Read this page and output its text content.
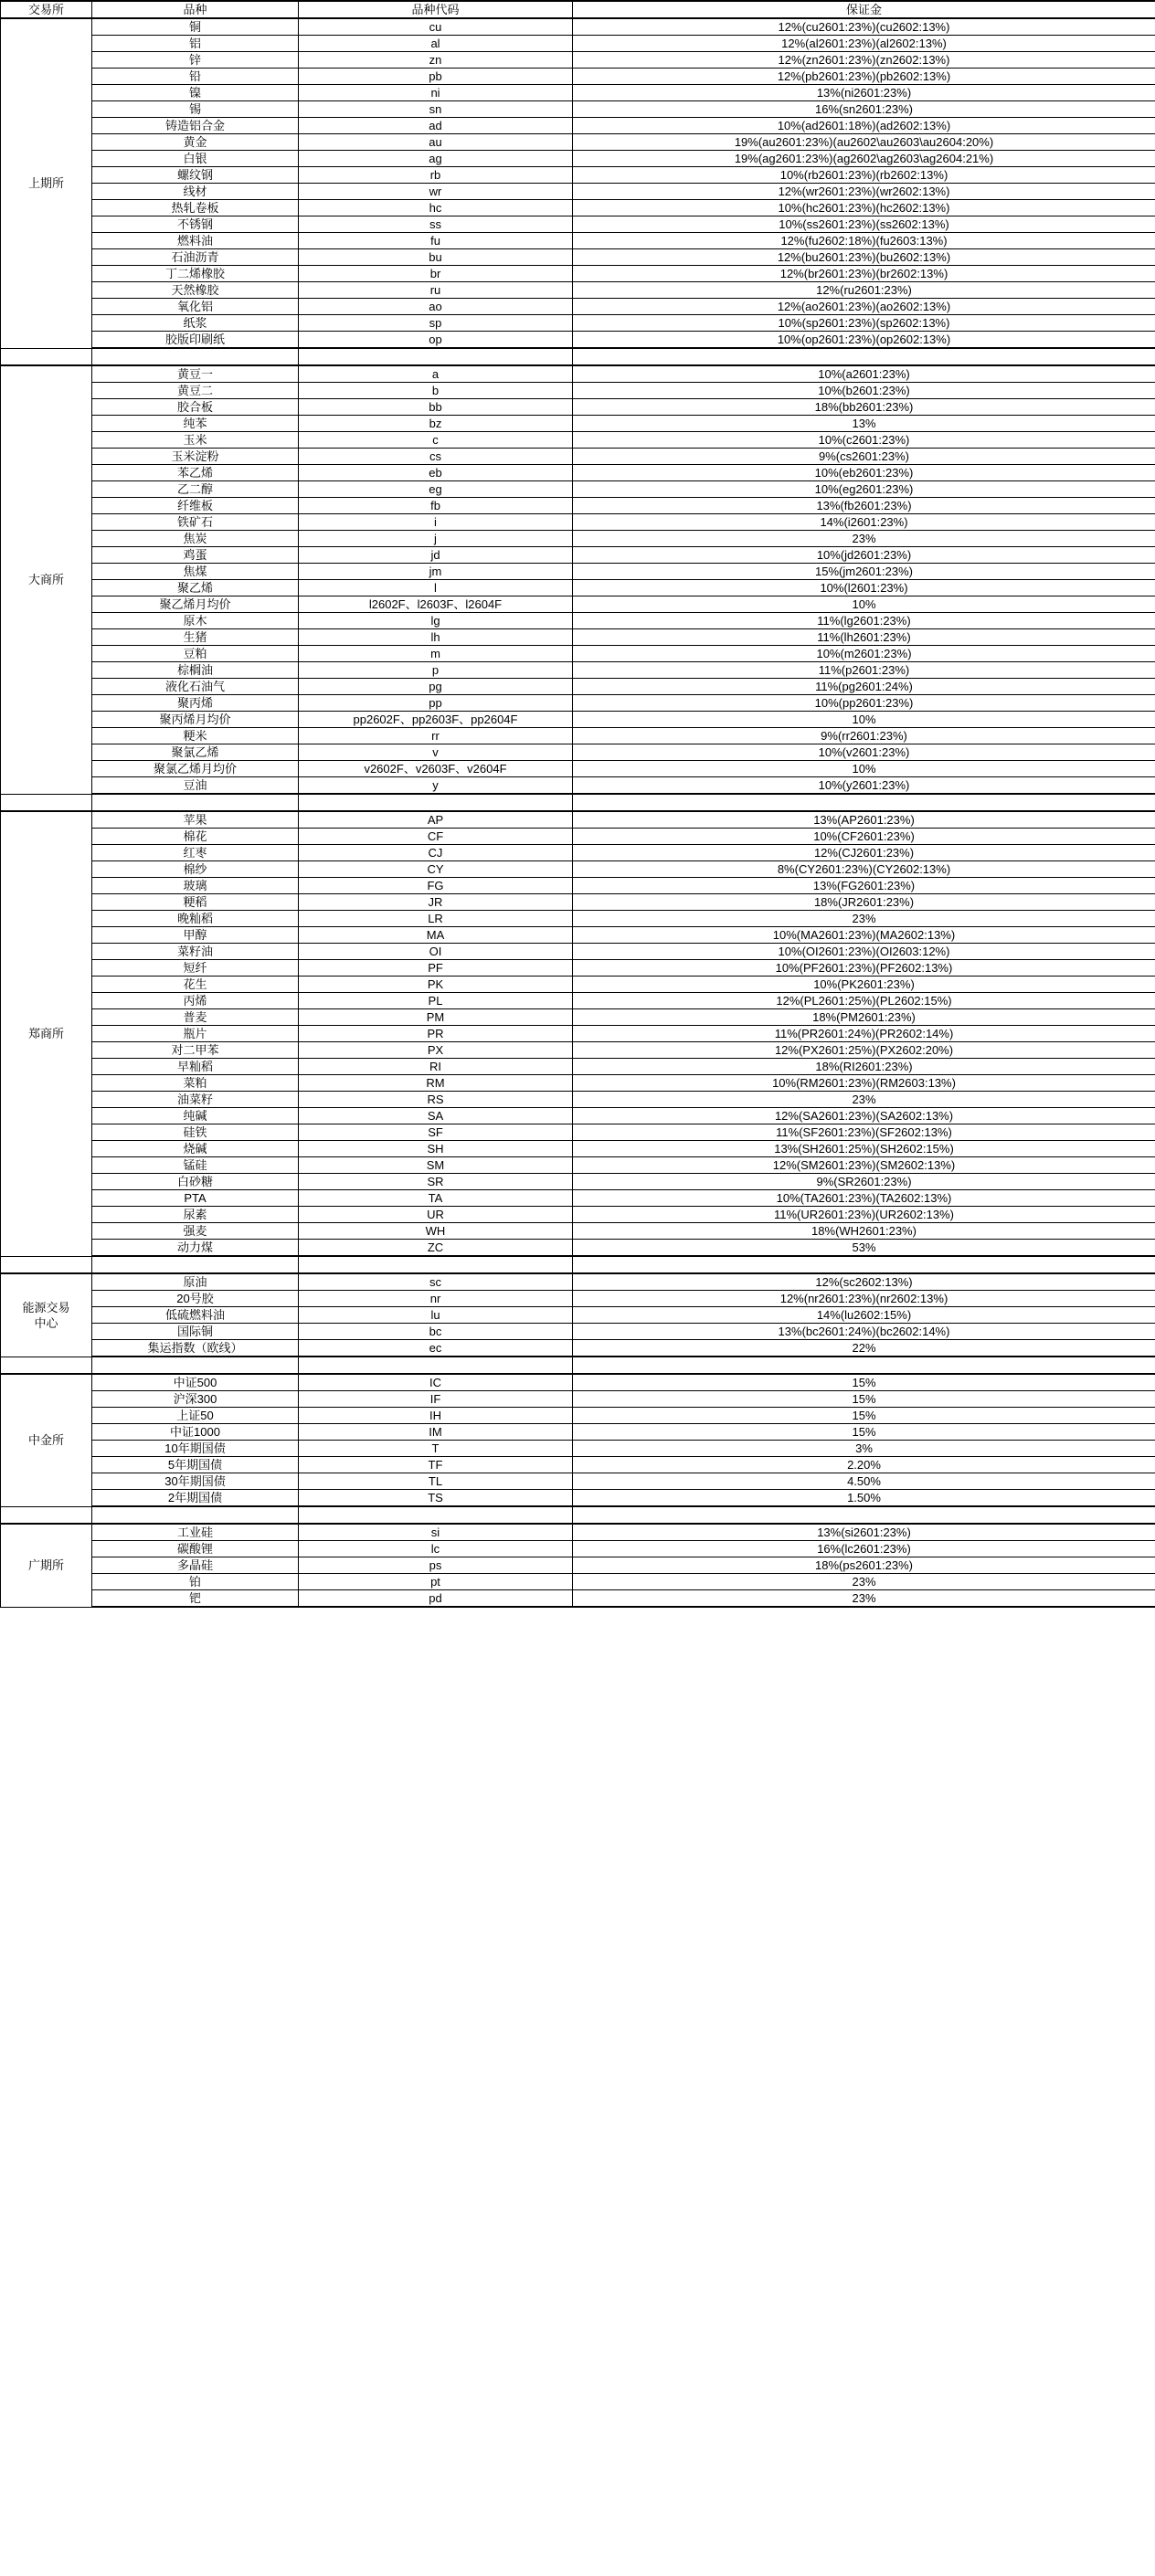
交易所	品种	品种代码	保证金
上期所	铜	cu	12%(cu2601:23%)(cu2602:13%)
	铝	al	12%(al2601:23%)(al2602:13%)
	锌	zn	12%(zn2601:23%)(zn2602:13%)
	铅	pb	12%(pb2601:23%)(pb2602:13%)
	镍	ni	13%(ni2601:23%)
	锡	sn	16%(sn2601:23%)
	铸造铝合金	ad	10%(ad2601:18%)(ad2602:13%)
	黄金	au	19%(au2601:23%)(au2602\au2603\au2604:20%)
	白银	ag	19%(ag2601:23%)(ag2602\ag2603\ag2604:21%)
	螺纹钢	rb	10%(rb2601:23%)(rb2602:13%)
	线材	wr	12%(wr2601:23%)(wr2602:13%)
	热轧卷板	hc	10%(hc2601:23%)(hc2602:13%)
	不锈钢	ss	10%(ss2601:23%)(ss2602:13%)
	燃料油	fu	12%(fu2602:18%)(fu2603:13%)
	石油沥青	bu	12%(bu2601:23%)(bu2602:13%)
	丁二烯橡胶	br	12%(br2601:23%)(br2602:13%)
	天然橡胶	ru	12%(ru2601:23%)
	氧化铝	ao	12%(ao2601:23%)(ao2602:13%)
	纸浆	sp	10%(sp2601:23%)(sp2602:13%)
	胶版印刷纸	op	10%(op2601:23%)(op2602:13%)

大商所	黄豆一	a	10%(a2601:23%)
	黄豆二	b	10%(b2601:23%)
	胶合板	bb	18%(bb2601:23%)
	纯苯	bz	13%
	玉米	c	10%(c2601:23%)
	玉米淀粉	cs	9%(cs2601:23%)
	苯乙烯	eb	10%(eb2601:23%)
	乙二醇	eg	10%(eg2601:23%)
	纤维板	fb	13%(fb2601:23%)
	铁矿石	i	14%(i2601:23%)
	焦炭	j	23%
	鸡蛋	jd	10%(jd2601:23%)
	焦煤	jm	15%(jm2601:23%)
	聚乙烯	l	10%(l2601:23%)
	聚乙烯月均价	l2602F、l2603F、l2604F	10%
	原木	lg	11%(lg2601:23%)
	生猪	lh	11%(lh2601:23%)
	豆粕	m	10%(m2601:23%)
	棕榈油	p	11%(p2601:23%)
	液化石油气	pg	11%(pg2601:24%)
	聚丙烯	pp	10%(pp2601:23%)
	聚丙烯月均价	pp2602F、pp2603F、pp2604F	10%
	粳米	rr	9%(rr2601:23%)
	聚氯乙烯	v	10%(v2601:23%)
	聚氯乙烯月均价	v2602F、v2603F、v2604F	10%
	豆油	y	10%(y2601:23%)

郑商所	苹果	AP	13%(AP2601:23%)
	棉花	CF	10%(CF2601:23%)
	红枣	CJ	12%(CJ2601:23%)
	棉纱	CY	8%(CY2601:23%)(CY2602:13%)
	玻璃	FG	13%(FG2601:23%)
	粳稻	JR	18%(JR2601:23%)
	晚籼稻	LR	23%
	甲醇	MA	10%(MA2601:23%)(MA2602:13%)
	菜籽油	OI	10%(OI2601:23%)(OI2603:12%)
	短纤	PF	10%(PF2601:23%)(PF2602:13%)
	花生	PK	10%(PK2601:23%)
	丙烯	PL	12%(PL2601:25%)(PL2602:15%)
	普麦	PM	18%(PM2601:23%)
	瓶片	PR	11%(PR2601:24%)(PR2602:14%)
	对二甲苯	PX	12%(PX2601:25%)(PX2602:20%)
	早籼稻	RI	18%(RI2601:23%)
	菜粕	RM	10%(RM2601:23%)(RM2603:13%)
	油菜籽	RS	23%
	纯碱	SA	12%(SA2601:23%)(SA2602:13%)
	硅铁	SF	11%(SF2601:23%)(SF2602:13%)
	烧碱	SH	13%(SH2601:25%)(SH2602:15%)
	锰硅	SM	12%(SM2601:23%)(SM2602:13%)
	白砂糖	SR	9%(SR2601:23%)
	PTA	TA	10%(TA2601:23%)(TA2602:13%)
	尿素	UR	11%(UR2601:23%)(UR2602:13%)
	强麦	WH	18%(WH2601:23%)
	动力煤	ZC	53%

能源交易
中心	原油	sc	12%(sc2602:13%)
	20号胶	nr	12%(nr2601:23%)(nr2602:13%)
	低硫燃料油	lu	14%(lu2602:15%)
	国际铜	bc	13%(bc2601:24%)(bc2602:14%)
	集运指数（欧线）	ec	22%

中金所	中证500	IC	15%
	沪深300	IF	15%
	上证50	IH	15%
	中证1000	IM	15%
	10年期国债	T	3%
	5年期国债	TF	2.20%
	30年期国债	TL	4.50%
	2年期国债	TS	1.50%

广期所	工业硅	si	13%(si2601:23%)
	碳酸锂	lc	16%(lc2601:23%)
	多晶硅	ps	18%(ps2601:23%)
	铂	pt	23%
	钯	pd	23%
